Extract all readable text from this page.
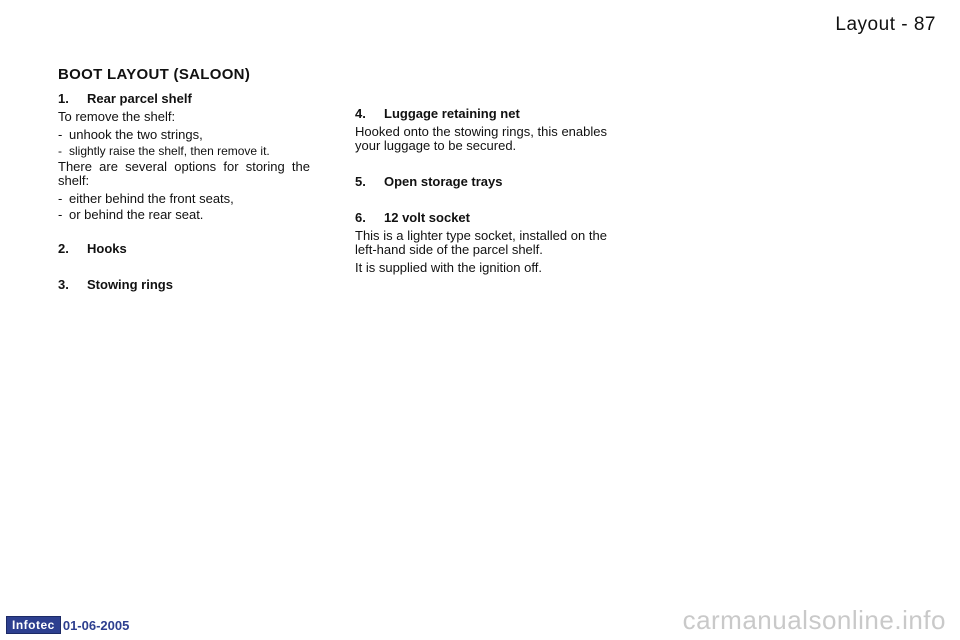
Layout - 87
BOOT LAYOUT (SALOON)
1.	Rear parcel shelf
To remove the shelf:
- unhook the two strings,
- slightly raise the shelf, then remove it.
There are several options for storing the shelf:
- either behind the front seats,
- or behind the rear seat.
2.	Hooks
3.	Stowing rings
4.	Luggage retaining net
Hooked onto the stowing rings, this enables your luggage to be secured.
5.	Open storage trays
6.	12 volt socket
This is a lighter type socket, installed on the left-hand side of the parcel shelf.
It is supplied with the ignition off.
Infotec 01-06-2005	carmanualsonline.info
